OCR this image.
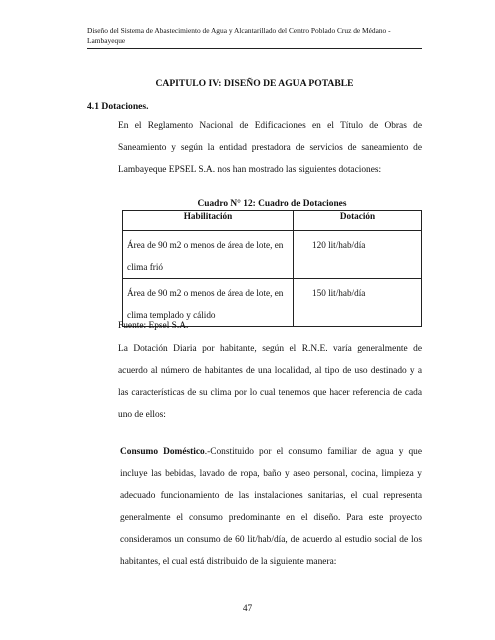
Diseño del Sistema de Abastecimiento de Agua y Alcantarillado del Centro Poblado Cruz de Médano -
Lambayeque
CAPITULO IV: DISEÑO DE AGUA POTABLE
4.1 Dotaciones.
En el Reglamento Nacional de Edificaciones en el Título de Obras de Saneamiento y según la entidad prestadora de servicios de saneamiento de Lambayeque EPSEL S.A. nos han mostrado las siguientes dotaciones:
Cuadro N° 12: Cuadro de Dotaciones
Habilitación	Dotación
Área de 90 m2 o menos de área de lote, en clima frió	120 lit/hab/día
Área de 90 m2 o menos de área de lote, en clima templado y cálido	150 lit/hab/día
Fuente: Epsel S.A.
La Dotación Diaria por habitante, según el R.N.E. varía generalmente de acuerdo al número de habitantes de una localidad, al tipo de uso destinado y a las características de su clima por lo cual tenemos que hacer referencia de cada uno de ellos:
Consumo Doméstico.-Constituido por el consumo familiar de agua y que incluye las bebidas, lavado de ropa, baño y aseo personal, cocina, limpieza y adecuado funcionamiento de las instalaciones sanitarias, el cual representa generalmente el consumo predominante en el diseño. Para este proyecto consideramos un consumo de 60 lit/hab/día, de acuerdo al estudio social de los habitantes, el cual está distribuido de la siguiente manera:
47
